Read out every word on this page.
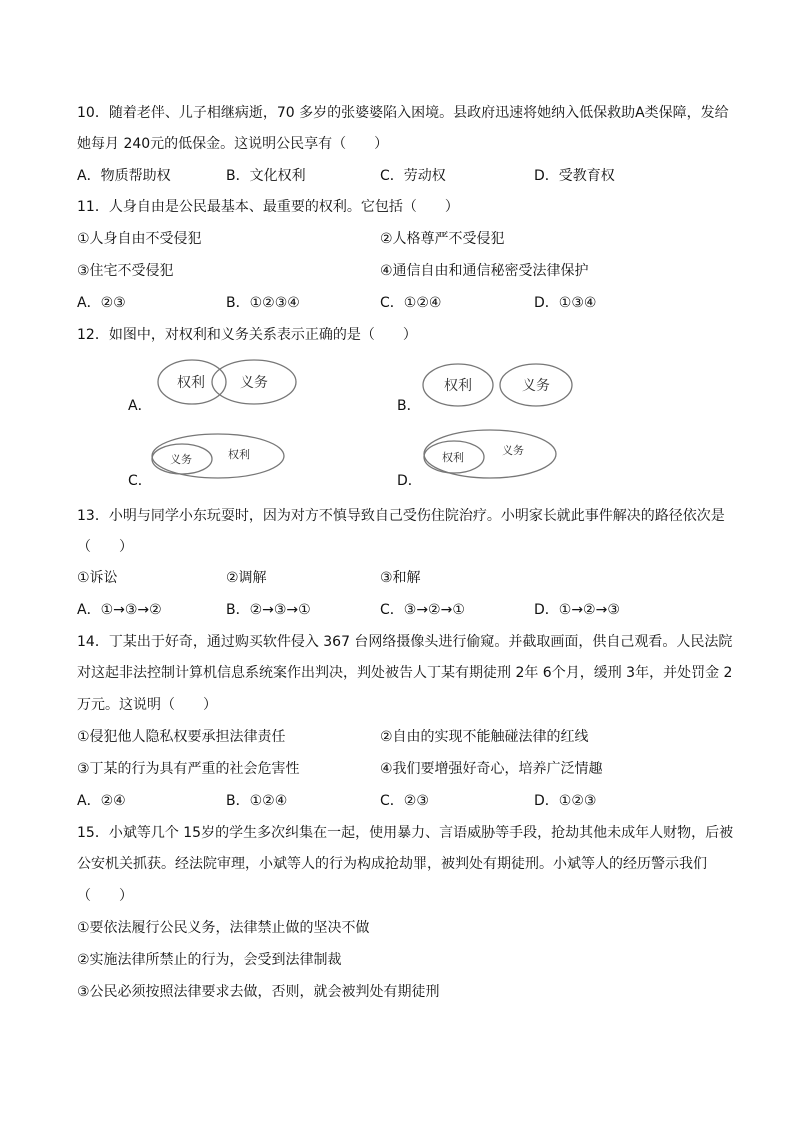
10．随着老伴、儿子相继病逝，70 多岁的张婆婆陷入困境。县政府迅速将她纳入低保救助A类保障，发给
她每月 240元的低保金。这说明公民享有（　　）
A．物质帮助权	B．文化权利	C．劳动权	D．受教育权
11．人身自由是公民最基本、最重要的权利。它包括（　　）
①人身自由不受侵犯	②人格尊严不受侵犯
③住宅不受侵犯	④通信自由和通信秘密受法律保护
A．②③	B．①②③④	C．①②④	D．①③④
12．如图中，对权利和义务关系表示正确的是（　　）
A．
权利	义务
B．
权利	义务
C．
义务	权利
D．
权利
义务
13．小明与同学小东玩耍时，因为对方不慎导致自己受伤住院治疗。小明家长就此事件解决的路径依次是
（　　）
①诉讼	②调解	③和解
A．①→③→②	B．②→③→①	C．③→②→①	D．①→②→③
14．丁某出于好奇，通过购买软件侵入 367 台网络摄像头进行偷窥。并截取画面，供自己观看。人民法院
对这起非法控制计算机信息系统案作出判决，判处被告人丁某有期徒刑 2年 6个月，缓刑 3年，并处罚金 2
万元。这说明（　　）
①侵犯他人隐私权要承担法律责任	②自由的实现不能触碰法律的红线
③丁某的行为具有严重的社会危害性	④我们要增强好奇心，培养广泛情趣
A．②④	B．①②④	C．②③	D．①②③
15．小斌等几个 15岁的学生多次纠集在一起，使用暴力、言语威胁等手段，抢劫其他未成年人财物，后被
公安机关抓获。经法院审理，小斌等人的行为构成抢劫罪，被判处有期徒刑。小斌等人的经历警示我们
（　　）
①要依法履行公民义务，法律禁止做的坚决不做
②实施法律所禁止的行为，会受到法律制裁
③公民必须按照法律要求去做，否则，就会被判处有期徒刑
